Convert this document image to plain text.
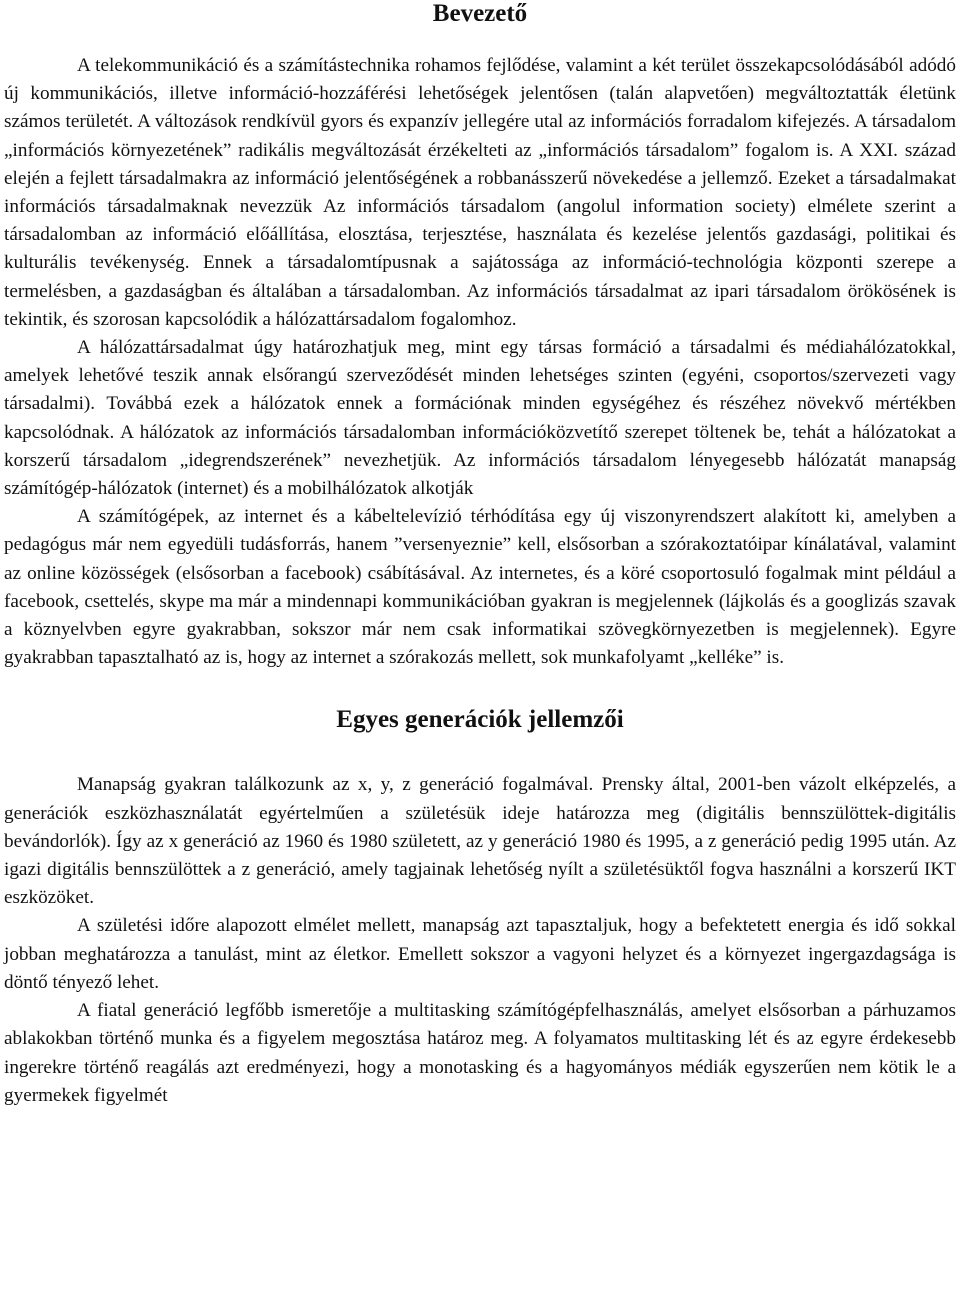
Bevezető

A telekommunikáció és a számítástechnika rohamos fejlődése, valamint a két terület összekapcsolódásából adódó új kommunikációs, illetve információ-hozzáférési lehetőségek jelentősen (talán alapvetően) megváltoztatták életünk számos területét. A változások rendkívül gyors és expanzív jellegére utal az információs forradalom kifejezés. A társadalom „információs környezetének” radikális megváltozását érzékelteti az „információs társadalom” fogalom is. A XXI. század elején a fejlett társadalmakra az információ jelentőségének a robbanásszerű növekedése a jellemző. Ezeket a társadalmakat információs társadalmaknak nevezzük Az információs társadalom (angolul information society) elmélete szerint a társadalomban az információ előállítása, elosztása, terjesztése, használata és kezelése jelentős gazdasági, politikai és kulturális tevékenység. Ennek a társadalomtípusnak a sajátossága az információ-technológia központi szerepe a termelésben, a gazdaságban és általában a társadalomban. Az információs társadalmat az ipari társadalom örökösének is tekintik, és szorosan kapcsolódik a hálózattársadalom fogalomhoz.

A hálózattársadalmat úgy határozhatjuk meg, mint egy társas formáció a társadalmi és médiahálózatokkal, amelyek lehetővé teszik annak elsőrangú szerveződését minden lehetséges szinten (egyéni, csoportos/szervezeti vagy társadalmi). Továbbá ezek a hálózatok ennek a formációnak minden egységéhez és részéhez növekvő mértékben kapcsolódnak. A hálózatok az információs társadalomban információközvetítő szerepet töltenek be, tehát a hálózatokat a korszerű társadalom „idegrendszerének” nevezhetjük. Az információs társadalom lényegesebb hálózatát manapság számítógép-hálózatok (internet) és a mobilhálózatok alkotják

A számítógépek, az internet és a kábeltelevízió térhódítása egy új viszonyrendszert alakított ki, amelyben a pedagógus már nem egyedüli tudásforrás, hanem ”versenyeznie” kell, elsősorban a szórakoztatóipar kínálatával, valamint az online közösségek (elsősorban a facebook) csábításával. Az internetes, és a köré csoportosuló fogalmak mint például a facebook, csettelés, skype ma már a mindennapi kommunikációban gyakran is megjelennek (lájkolás és a googlizás szavak a köznyelvben egyre gyakrabban, sokszor már nem csak informatikai szövegkörnyezetben is megjelennek). Egyre gyakrabban tapasztalható az is, hogy az internet a szórakozás mellett, sok munkafolyamt „kelléke” is.

Egyes generációk jellemzői

Manapság gyakran találkozunk az x, y, z generáció fogalmával. Prensky által, 2001-ben vázolt elképzelés, a generációk eszközhasználatát egyértelműen a születésük ideje határozza meg (digitális bennszülöttek-digitális bevándorlók). Így az x generáció az 1960 és 1980 született, az y generáció 1980 és 1995, a z generáció pedig 1995 után. Az igazi digitális bennszülöttek a z generáció, amely tagjainak lehetőség nyílt a születésüktől fogva használni a korszerű IKT eszközöket.

A születési időre alapozott elmélet mellett, manapság azt tapasztaljuk, hogy a befektetett energia és idő sokkal jobban meghatározza a tanulást, mint az életkor. Emellett sokszor a vagyoni helyzet és a környezet ingergazdagsága is döntő tényező lehet.

A fiatal generáció legfőbb ismeretője a multitasking számítógépfelhasználás, amelyet elsősorban a párhuzamos ablakokban történő munka és a figyelem megosztása határoz meg. A folyamatos multitasking lét és az egyre érdekesebb ingerekre történő reagálás azt eredményezi, hogy a monotasking és a hagyományos médiák egyszerűen nem kötik le a gyermekek figyelmét
